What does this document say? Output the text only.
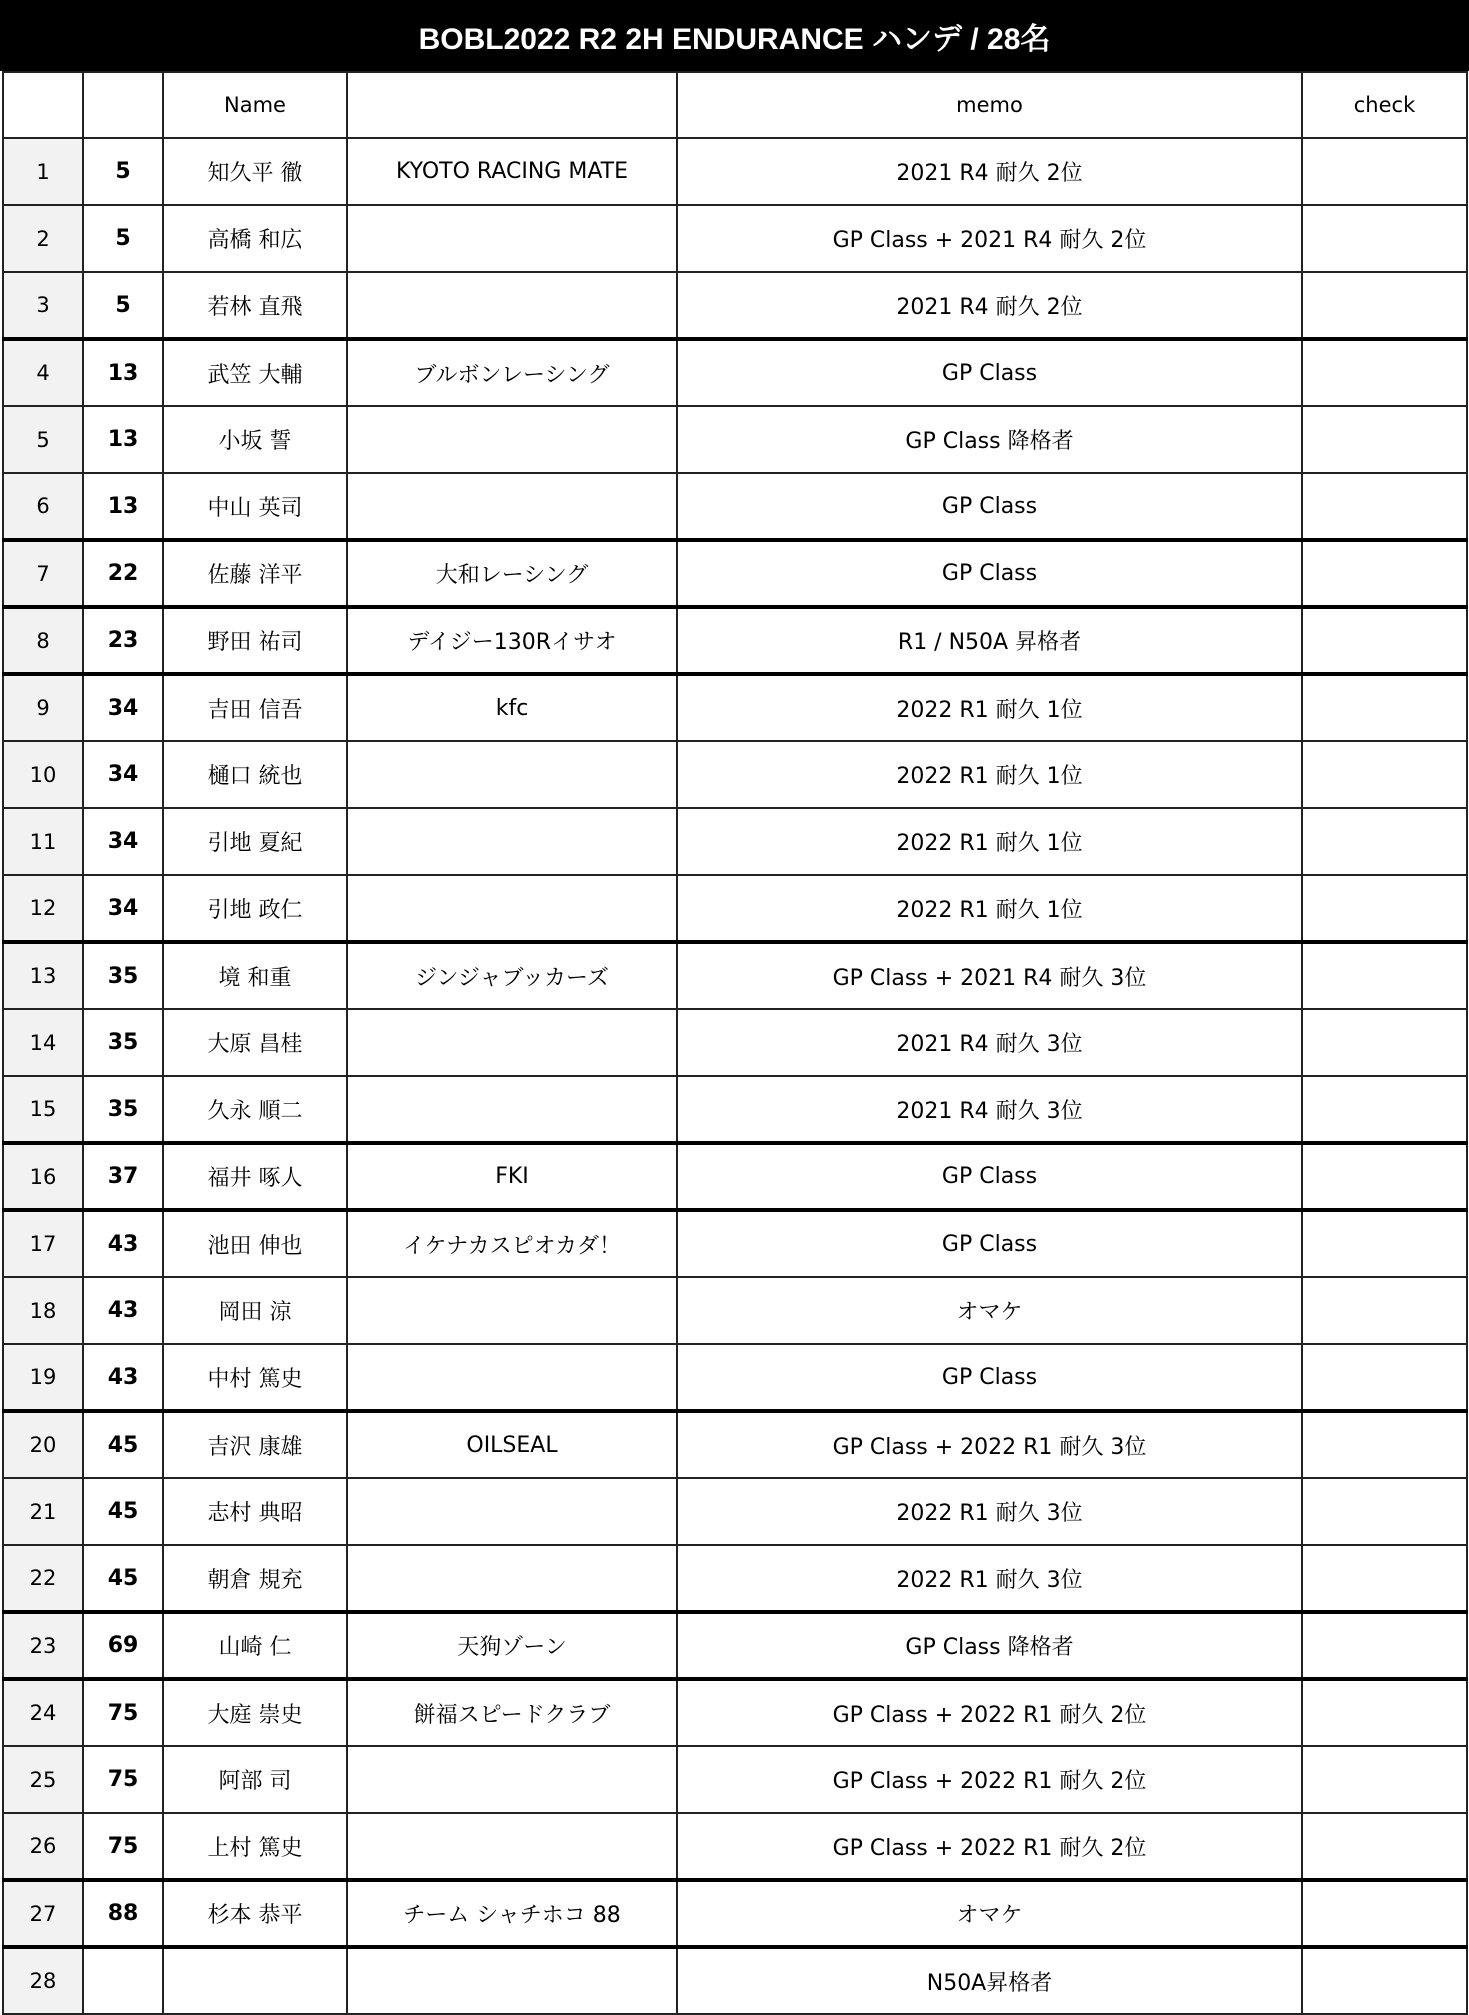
BOBL2022 R2 2H ENDURANCE ハンデ / 28名
		Name		memo	check
1	5	知久平 徹	KYOTO RACING MATE	2021 R4 耐久 2位	
2	5	高橋 和広		GP Class + 2021 R4 耐久 2位	
3	5	若林 直飛		2021 R4 耐久 2位	
4	13	武笠 大輔	ブルボンレーシング	GP Class	
5	13	小坂 誓		GP Class 降格者	
6	13	中山 英司		GP Class	
7	22	佐藤 洋平	大和レーシング	GP Class	
8	23	野田 祐司	デイジー130Rイサオ	R1 / N50A 昇格者	
9	34	吉田 信吾	kfc	2022 R1 耐久 1位	
10	34	樋口 統也		2022 R1 耐久 1位	
11	34	引地 夏紀		2022 R1 耐久 1位	
12	34	引地 政仁		2022 R1 耐久 1位	
13	35	境 和重	ジンジャブッカーズ	GP Class + 2021 R4 耐久 3位	
14	35	大原 昌桂		2021 R4 耐久 3位	
15	35	久永 順二		2021 R4 耐久 3位	
16	37	福井 啄人	FKI	GP Class	
17	43	池田 伸也	イケナカスピオカダ！	GP Class	
18	43	岡田 涼		オマケ	
19	43	中村 篤史		GP Class	
20	45	吉沢 康雄	OILSEAL	GP Class + 2022 R1 耐久 3位	
21	45	志村 典昭		2022 R1 耐久 3位	
22	45	朝倉 規充		2022 R1 耐久 3位	
23	69	山崎 仁	天狗ゾーン	GP Class 降格者	
24	75	大庭 崇史	餅福スピードクラブ	GP Class + 2022 R1 耐久 2位	
25	75	阿部 司		GP Class + 2022 R1 耐久 2位	
26	75	上村 篤史		GP Class + 2022 R1 耐久 2位	
27	88	杉本 恭平	チーム シャチホコ 88	オマケ	
28				N50A昇格者	
